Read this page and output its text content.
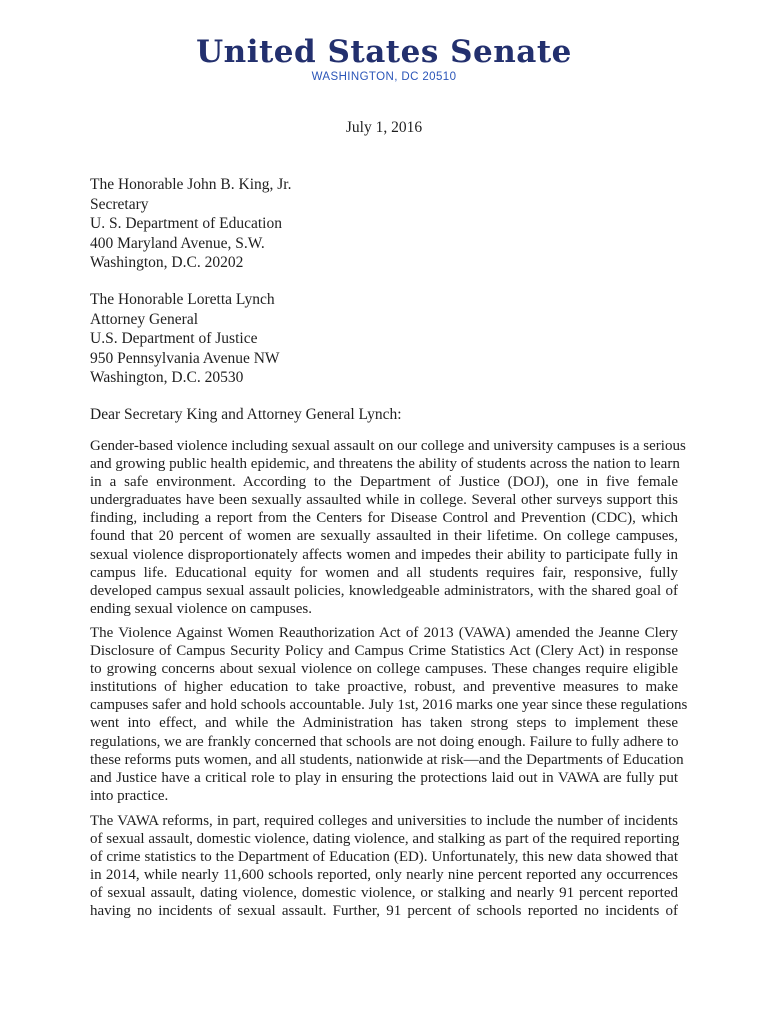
United States Senate
WASHINGTON, DC 20510
July 1, 2016
The Honorable John B. King, Jr.
Secretary
U. S. Department of Education
400 Maryland Avenue, S.W.
Washington, D.C. 20202
The Honorable Loretta Lynch
Attorney General
U.S. Department of Justice
950 Pennsylvania Avenue NW
Washington, D.C. 20530
Dear Secretary King and Attorney General Lynch:
Gender-based violence including sexual assault on our college and university campuses is a serious
and growing public health epidemic, and threatens the ability of students across the nation to learn
in a safe environment. According to the Department of Justice (DOJ), one in five female
undergraduates have been sexually assaulted while in college. Several other surveys support this
finding, including a report from the Centers for Disease Control and Prevention (CDC), which
found that 20 percent of women are sexually assaulted in their lifetime. On college campuses,
sexual violence disproportionately affects women and impedes their ability to participate fully in
campus life. Educational equity for women and all students requires fair, responsive, fully
developed campus sexual assault policies, knowledgeable administrators, with the shared goal of
ending sexual violence on campuses.
The Violence Against Women Reauthorization Act of 2013 (VAWA) amended the Jeanne Clery
Disclosure of Campus Security Policy and Campus Crime Statistics Act (Clery Act) in response
to growing concerns about sexual violence on college campuses. These changes require eligible
institutions of higher education to take proactive, robust, and preventive measures to make
campuses safer and hold schools accountable. July 1st, 2016 marks one year since these regulations
went into effect, and while the Administration has taken strong steps to implement these
regulations, we are frankly concerned that schools are not doing enough. Failure to fully adhere to
these reforms puts women, and all students, nationwide at risk—and the Departments of Education
and Justice have a critical role to play in ensuring the protections laid out in VAWA are fully put
into practice.
The VAWA reforms, in part, required colleges and universities to include the number of incidents
of sexual assault, domestic violence, dating violence, and stalking as part of the required reporting
of crime statistics to the Department of Education (ED). Unfortunately, this new data showed that
in 2014, while nearly 11,600 schools reported, only nearly nine percent reported any occurrences
of sexual assault, dating violence, domestic violence, or stalking and nearly 91 percent reported
having no incidents of sexual assault. Further, 91 percent of schools reported no incidents of
